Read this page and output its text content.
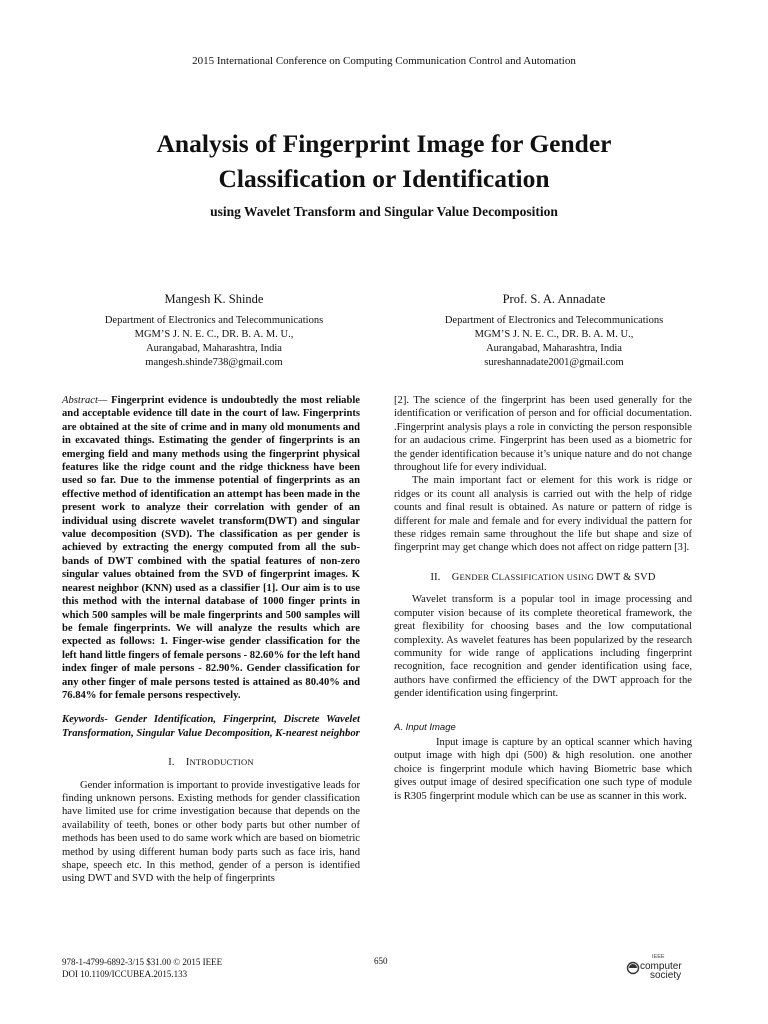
2015 International Conference on Computing Communication Control and Automation
Analysis of Fingerprint Image for Gender
Classification or Identification
using Wavelet Transform and Singular Value Decomposition
Mangesh K. Shinde
Department of Electronics and Telecommunications
MGM’S J. N. E. C., DR. B. A. M. U.,
Aurangabad, Maharashtra, India
mangesh.shinde738@gmail.com
Prof. S. A. Annadate
Department of Electronics and Telecommunications
MGM’S J. N. E. C., DR. B. A. M. U.,
Aurangabad, Maharashtra, India
sureshannadate2001@gmail.com

Abstract— Fingerprint evidence is undoubtedly the most reliable and acceptable evidence till date in the court of law. Fingerprints are obtained at the site of crime and in many old monuments and in excavated things. Estimating the gender of fingerprints is an emerging field and many methods using the fingerprint physical features like the ridge count and the ridge thickness have been used so far. Due to the immense potential of fingerprints as an effective method of identification an attempt has been made in the present work to analyze their correlation with gender of an individual using discrete wavelet transform(DWT) and singular value decomposition (SVD). The classification as per gender is achieved by extracting the energy computed from all the sub-bands of DWT combined with the spatial features of non-zero singular values obtained from the SVD of fingerprint images. K nearest neighbor (KNN) used as a classifier [1]. Our aim is to use this method with the internal database of 1000 finger prints in which 500 samples will be male fingerprints and 500 samples will be female fingerprints. We will analyze the results which are expected as follows: 1. Finger-wise gender classification for the left hand little fingers of female persons - 82.60% for the left hand index finger of male persons - 82.90%. Gender classification for any other finger of male persons tested is attained as 80.40% and 76.84% for female persons respectively.

Keywords- Gender Identification, Fingerprint, Discrete Wavelet Transformation, Singular Value Decomposition, K-nearest neighbor

I. INTRODUCTION

Gender information is important to provide investigative leads for finding unknown persons. Existing methods for gender classification have limited use for crime investigation because that depends on the availability of teeth, bones or other body parts but other number of methods has been used to do same work which are based on biometric method by using different human body parts such as face iris, hand shape, speech etc. In this method, gender of a person is identified using DWT and SVD with the help of fingerprints

[2]. The science of the fingerprint has been used generally for the identification or verification of person and for official documentation. .Fingerprint analysis plays a role in convicting the person responsible for an audacious crime. Fingerprint has been used as a biometric for the gender identification because it’s unique nature and do not change throughout life for every individual.

The main important fact or element for this work is ridge or ridges or its count all analysis is carried out with the help of ridge counts and final result is obtained. As nature or pattern of ridge is different for male and female and for every individual the pattern for these ridges remain same throughout the life but shape and size of fingerprint may get change which does not affect on ridge pattern [3].

II. GENDER CLASSIFICATION USING DWT & SVD

Wavelet transform is a popular tool in image processing and computer vision because of its complete theoretical framework, the great flexibility for choosing bases and the low computational complexity. As wavelet features has been popularized by the research community for wide range of applications including fingerprint recognition, face recognition and gender identification using face, authors have confirmed the efficiency of the DWT approach for the gender identification using fingerprint.

A. Input Image

Input image is capture by an optical scanner which having output image with high dpi (500) & high resolution. one another choice is fingerprint module which having Biometric base which gives output image of desired specification one such type of module is R305 fingerprint module which can be use as scanner in this work.

978-1-4799-6892-3/15 $31.00 © 2015 IEEE
DOI 10.1109/ICCUBEA.2015.133
650	IEEE
computer
society
